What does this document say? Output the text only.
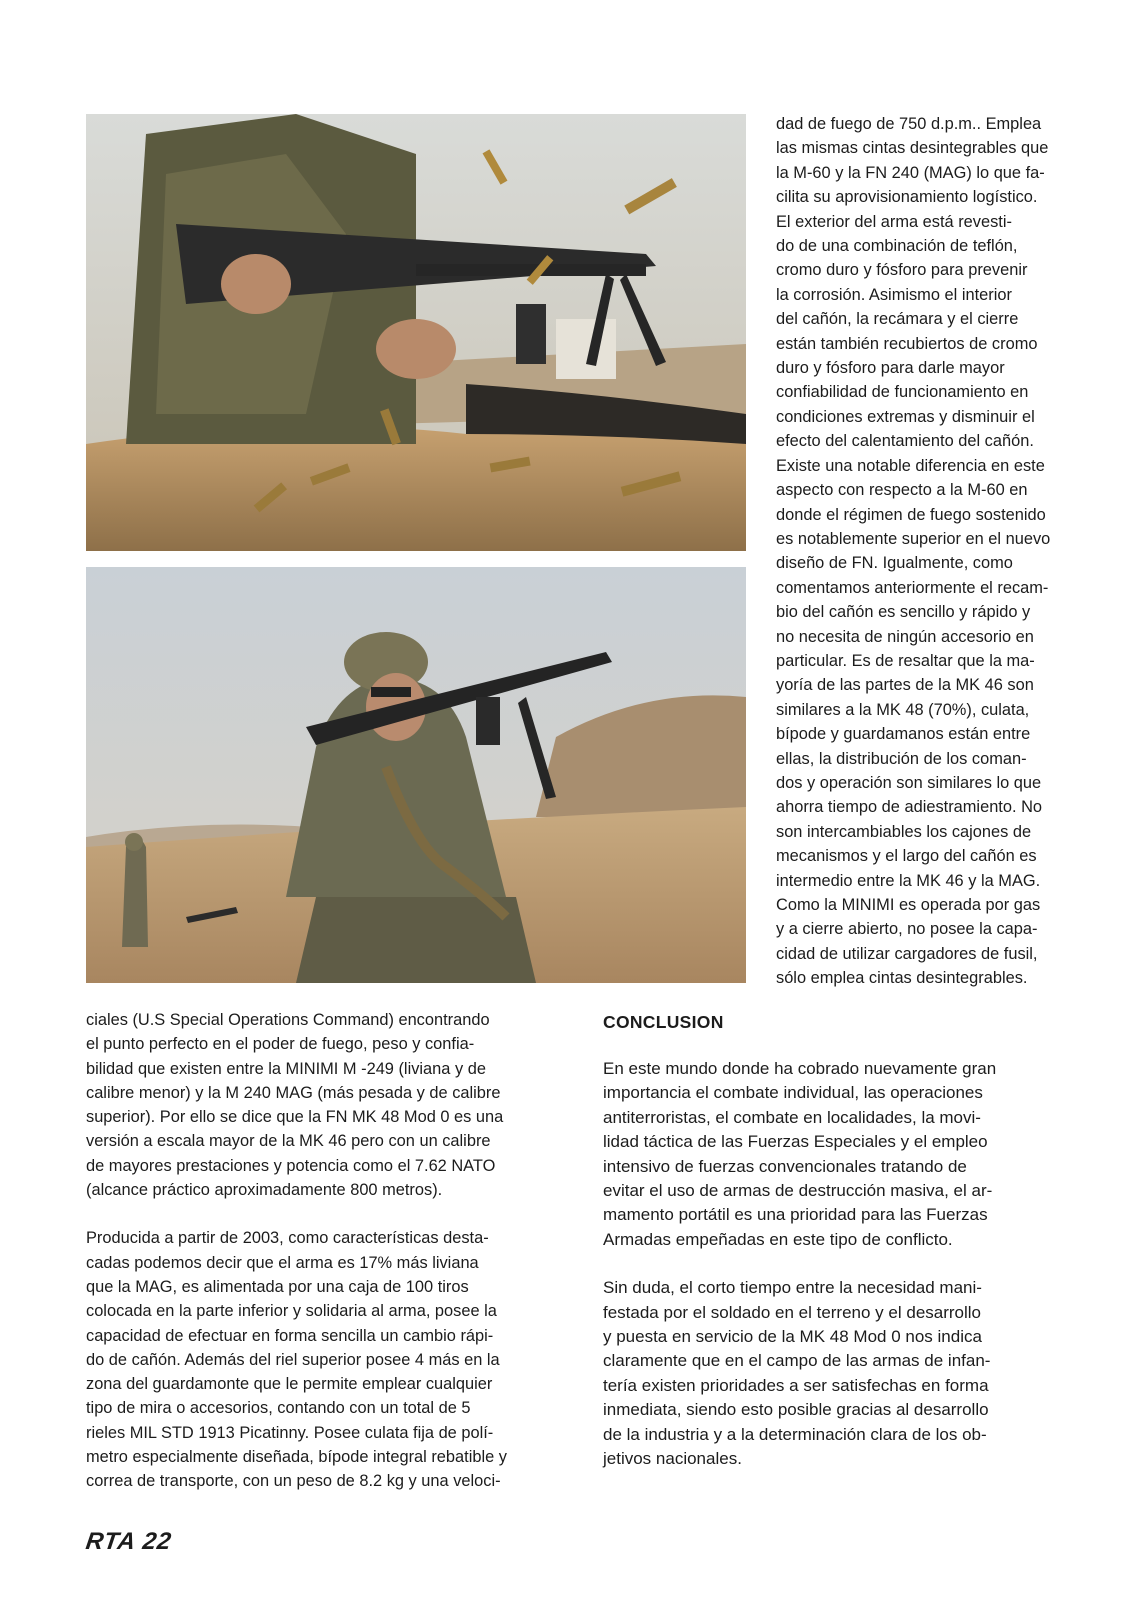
dad de fuego de 750 d.p.m.. Emplea
las mismas cintas desintegrables que
la M-60 y la FN 240 (MAG) lo que fa-
cilita su aprovisionamiento logístico.
El exterior del arma está revesti-
do de una combinación de teflón,
cromo duro y fósforo para prevenir
la corrosión. Asimismo el interior
del cañón, la recámara y el cierre
están también recubiertos de cromo
duro y fósforo para darle mayor
confiabilidad de funcionamiento en
condiciones extremas y disminuir el
efecto del calentamiento del cañón.
Existe una notable diferencia en este
aspecto con respecto a la M-60 en
donde el régimen de fuego sostenido
es notablemente superior en el nuevo
diseño de FN. Igualmente, como
comentamos anteriormente el recam-
bio del cañón es sencillo y rápido y
no necesita de ningún accesorio en
particular. Es de resaltar que la ma-
yoría de las partes de la MK 46 son
similares a la MK 48 (70%), culata,
bípode y guardamanos están entre
ellas, la distribución de los coman-
dos y operación son similares lo que
ahorra tiempo de adiestramiento. No
son intercambiables los cajones de
mecanismos y el largo del cañón es
intermedio entre la MK 46 y la MAG.
Como la MINIMI es operada por gas
y a cierre abierto, no posee la capa-
cidad de utilizar cargadores de fusil,
sólo emplea cintas desintegrables.

ciales (U.S Special Operations Command) encontrando
el punto perfecto en el poder de fuego, peso y confia-
bilidad que existen entre la MINIMI M -249 (liviana y de
calibre menor) y la M 240 MAG (más pesada y de calibre
superior). Por ello se dice que la FN MK 48 Mod 0 es una
versión a escala mayor de la MK 46 pero con un calibre
de mayores prestaciones y potencia como el 7.62 NATO
(alcance práctico aproximadamente 800 metros).

Producida a partir de 2003, como características desta-
cadas podemos decir que el arma es 17% más liviana
que la MAG, es alimentada por una caja de 100 tiros
colocada en la parte inferior y solidaria al arma, posee la
capacidad de efectuar en forma sencilla un cambio rápi-
do de cañón. Además del riel superior posee 4 más en la
zona del guardamonte que le permite emplear cualquier
tipo de mira o accesorios, contando con un total de 5
rieles MIL STD 1913 Picatinny. Posee culata fija de polí-
metro especialmente diseñada, bípode integral rebatible y
correa de transporte, con un peso de 8.2 kg y una veloci-

CONCLUSION

En este mundo donde ha cobrado nuevamente gran
importancia el combate individual, las operaciones
antiterroristas, el combate en localidades, la movi-
lidad táctica de las Fuerzas Especiales y el empleo
intensivo de fuerzas convencionales tratando de
evitar el uso de armas de destrucción masiva, el ar-
mamento portátil es una prioridad para las Fuerzas
Armadas empeñadas en este tipo de conflicto.

Sin duda, el corto tiempo entre la necesidad mani-
festada por el soldado en el terreno y el desarrollo
y puesta en servicio de la MK 48 Mod 0 nos indica
claramente que en el campo de las armas de infan-
tería existen prioridades a ser satisfechas en forma
inmediata, siendo esto posible gracias al desarrollo
de la industria y a la determinación clara de los ob-
jetivos nacionales.

RTA 22
